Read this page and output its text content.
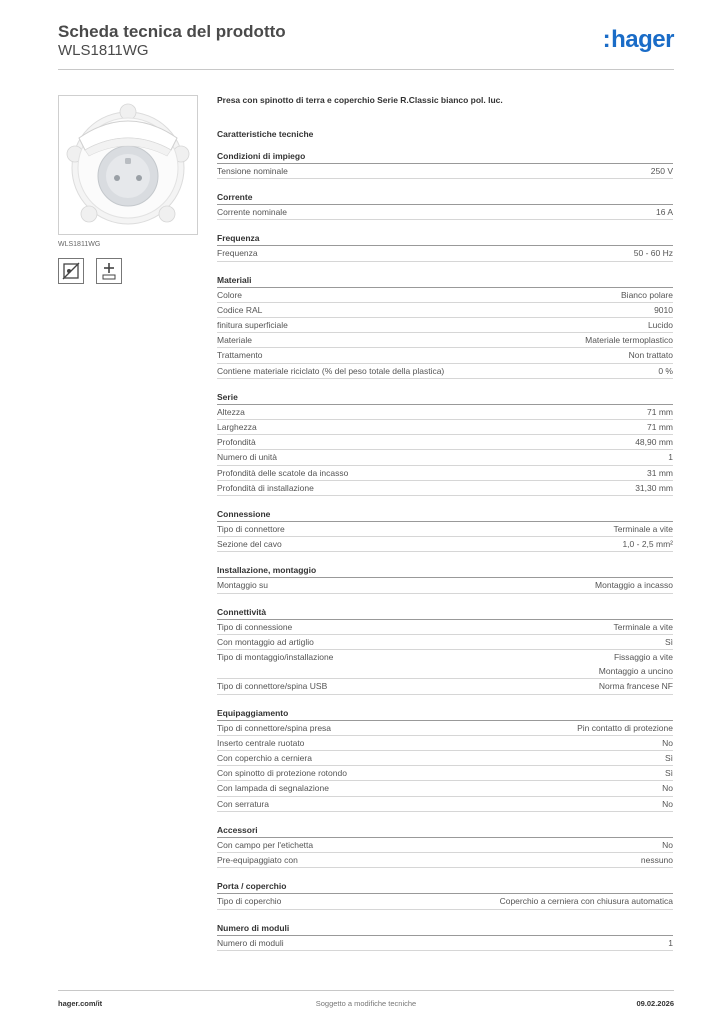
Scheda tecnica del prodotto
WLS1811WG	:hager
WLS1811WG
Presa con spinotto di terra e coperchio Serie R.Classic bianco pol. luc.
Caratteristiche tecniche
Condizioni di impiego
Tensione nominale	250 V
Corrente
Corrente nominale	16 A
Frequenza
Frequenza	50 - 60 Hz
Materiali
Colore	Bianco polare
Codice RAL	9010
finitura superficiale	Lucido
Materiale	Materiale termoplastico
Trattamento	Non trattato
Contiene materiale riciclato (% del peso totale della plastica)	0 %
Serie
Altezza	71 mm
Larghezza	71 mm
Profondità	48,90 mm
Numero di unità	1
Profondità delle scatole da incasso	31 mm
Profondità di installazione	31,30 mm
Connessione
Tipo di connettore	Terminale a vite
Sezione del cavo	1,0 - 2,5 mm²
Installazione, montaggio
Montaggio su	Montaggio a incasso
Connettività
Tipo di connessione	Terminale a vite
Con montaggio ad artiglio	Sì
Tipo di montaggio/installazione	Fissaggio a vite
Montaggio a uncino
Tipo di connettore/spina USB	Norma francese NF
Equipaggiamento
Tipo di connettore/spina presa	Pin contatto di protezione
Inserto centrale ruotato	No
Con coperchio a cerniera	Sì
Con spinotto di protezione rotondo	Sì
Con lampada di segnalazione	No
Con serratura	No
Accessori
Con campo per l'etichetta	No
Pre-equipaggiato con	nessuno
Porta / coperchio
Tipo di coperchio	Coperchio a cerniera con chiusura automatica
Numero di moduli
Numero di moduli	1
hager.com/it	Soggetto a modifiche tecniche	09.02.2026
